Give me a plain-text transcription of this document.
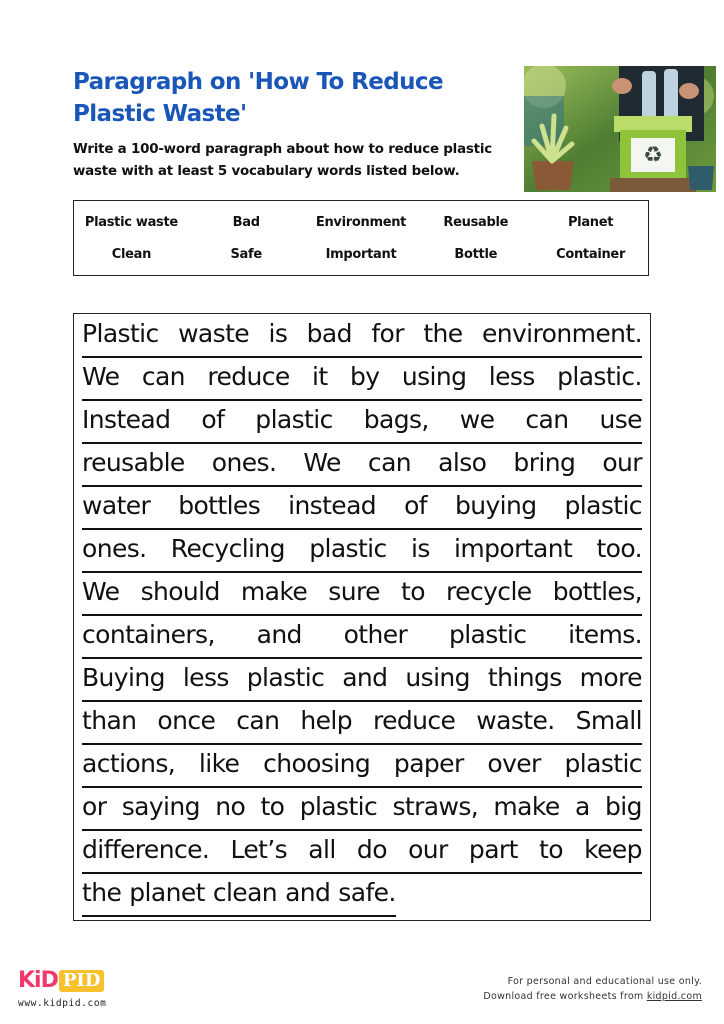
Paragraph on 'How To Reduce Plastic Waste'
Write a 100-word paragraph about how to reduce plastic waste with at least 5 vocabulary words listed below.
♻
Plastic waste	Bad	Environment	Reusable	Planet
Clean	Safe	Important	Bottle	Container
Plastic waste is bad for the environment.
We can reduce it by using less plastic.
Instead of plastic bags, we can use
reusable ones. We can also bring our
water bottles instead of buying plastic
ones. Recycling plastic is important too.
We should make sure to recycle bottles,
containers, and other plastic items.
Buying less plastic and using things more
than once can help reduce waste. Small
actions, like choosing paper over plastic
or saying no to plastic straws, make a big
difference. Let’s all do our part to keep
the planet clean and safe.
KiD PID
www.kidpid.com
For personal and educational use only.
Download free worksheets from kidpid.com
